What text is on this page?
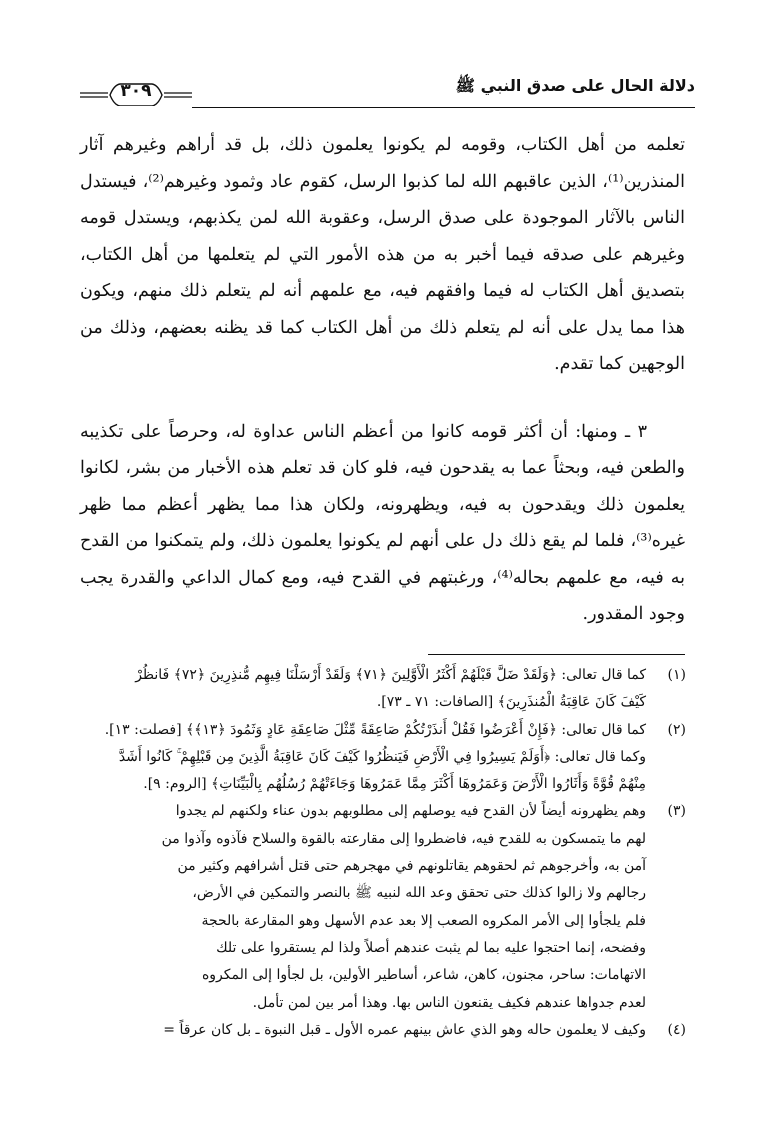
دلالة الحال على صدق النبي ﷺ
٣٠٩

تعلمه من أهل الكتاب، وقومه لم يكونوا يعلمون ذلك، بل قد أراهم وغيرهم آثار المنذرين⁽¹⁾، الذين عاقبهم الله لما كذبوا الرسل، كقوم عاد وثمود وغيرهم⁽²⁾، فيستدل الناس بالآثار الموجودة على صدق الرسل، وعقوبة الله لمن يكذبهم، ويستدل قومه وغيرهم على صدقه فيما أخبر به من هذه الأمور التي لم يتعلمها من أهل الكتاب، بتصديق أهل الكتاب له فيما وافقهم فيه، مع علمهم أنه لم يتعلم ذلك منهم، ويكون هذا مما يدل على أنه لم يتعلم ذلك من أهل الكتاب كما قد يظنه بعضهم، وذلك من الوجهين كما تقدم.

٣ ـ ومنها: أن أكثر قومه كانوا من أعظم الناس عداوة له، وحرصاً على تكذيبه والطعن فيه، وبحثاً عما به يقدحون فيه، فلو كان قد تعلم هذه الأخبار من بشر، لكانوا يعلمون ذلك ويقدحون به فيه، ويظهرونه، ولكان هذا مما يظهر أعظم مما ظهر غيره⁽³⁾، فلما لم يقع ذلك دل على أنهم لم يكونوا يعلمون ذلك، ولم يتمكنوا من القدح به فيه، مع علمهم بحاله⁽⁴⁾، ورغبتهم في القدح فيه، ومع كمال الداعي والقدرة يجب وجود المقدور.

(١)
كما قال تعالى: ﴿وَلَقَدْ ضَلَّ قَبْلَهُمْ أَكْثَرُ الْأَوَّلِينَ ﴿٧١﴾ وَلَقَدْ أَرْسَلْنَا فِيهِم مُّنذِرِينَ ﴿٧٢﴾ فَانظُرْ
كَيْفَ كَانَ عَاقِبَةُ الْمُنذَرِينَ﴾ [الصافات: ٧١ ـ ٧٣].
(٢)
كما قال تعالى: ﴿فَإِنْ أَعْرَضُوا فَقُلْ أَنذَرْتُكُمْ صَاعِقَةً مِّثْلَ صَاعِقَةِ عَادٍ وَثَمُودَ ﴿١٣﴾﴾ [فصلت: ١٣].
وكما قال تعالى: ﴿أَوَلَمْ يَسِيرُوا فِي الْأَرْضِ فَيَنظُرُوا كَيْفَ كَانَ عَاقِبَةُ الَّذِينَ مِن قَبْلِهِمْ ۚ كَانُوا أَشَدَّ
مِنْهُمْ قُوَّةً وَأَثَارُوا الْأَرْضَ وَعَمَرُوهَا أَكْثَرَ مِمَّا عَمَرُوهَا وَجَاءَتْهُمْ رُسُلُهُم بِالْبَيِّنَاتِ﴾ [الروم: ٩].
(٣)
وهم يظهرونه أيضاً لأن القدح فيه يوصلهم إلى مطلوبهم بدون عناء ولكنهم لم يجدوا
لهم ما يتمسكون به للقدح فيه، فاضطروا إلى مقارعته بالقوة والسلاح فآذوه وآذوا من
آمن به، وأخرجوهم ثم لحقوهم يقاتلونهم في مهجرهم حتى قتل أشرافهم وكثير من
رجالهم ولا زالوا كذلك حتى تحقق وعد الله لنبيه ﷺ بالنصر والتمكين في الأرض،
فلم يلجأوا إلى الأمر المكروه الصعب إلا بعد عدم الأسهل وهو المقارعة بالحجة
وفضحه، إنما احتجوا عليه بما لم يثبت عندهم أصلاً ولذا لم يستقروا على تلك
الاتهامات: ساحر، مجنون، كاهن، شاعر، أساطير الأولين، بل لجأوا إلى المكروه
لعدم جدواها عندهم فكيف يقنعون الناس بها. وهذا أمر بين لمن تأمل.
(٤)
وكيف لا يعلمون حاله وهو الذي عاش بينهم عمره الأول ـ قبل النبوة ـ بل كان عرقاً =
